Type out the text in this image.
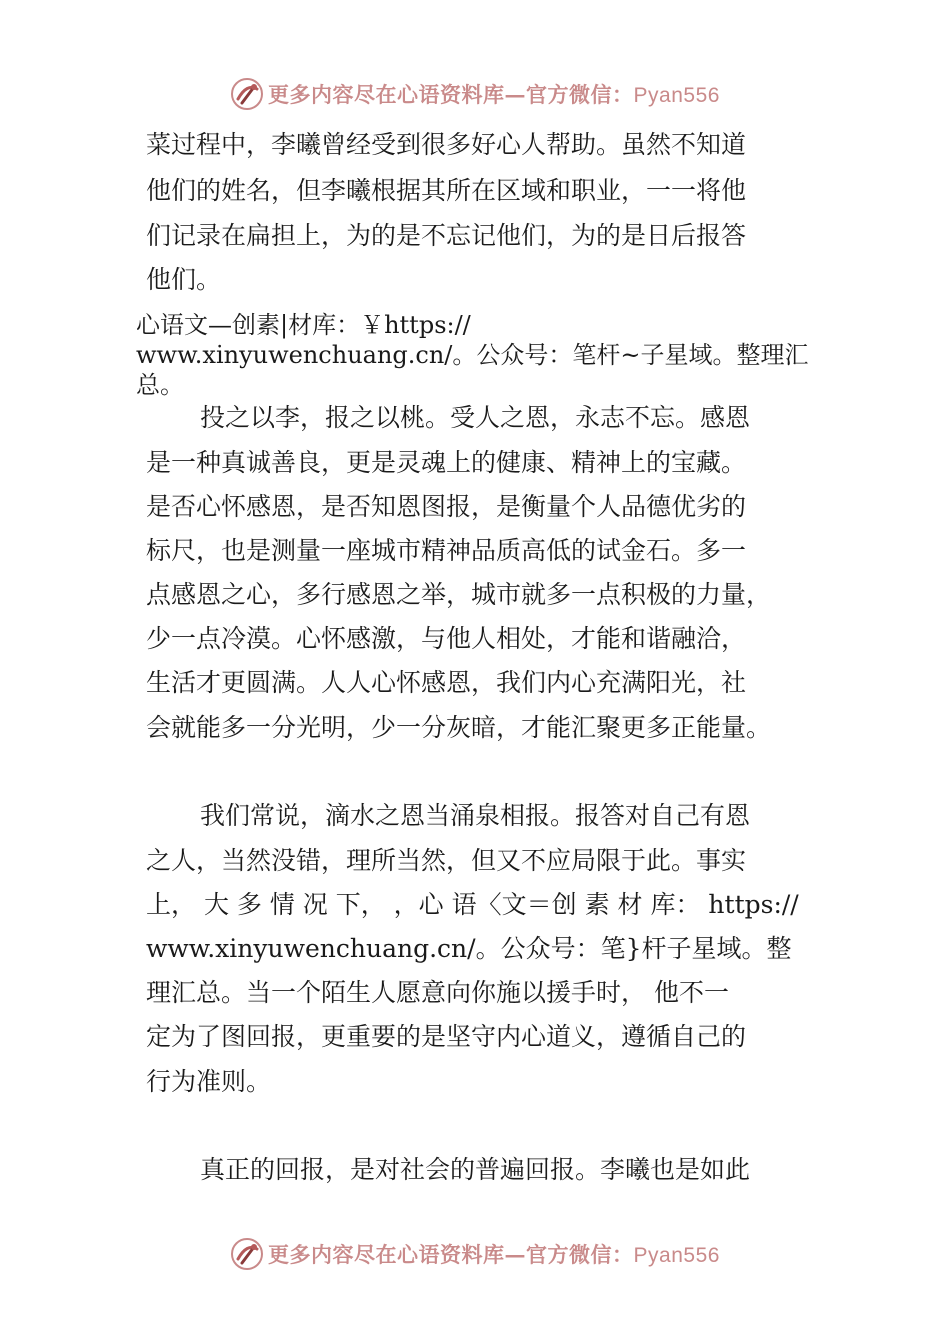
更多内容尽在心语资料库—官方微信：Pyan556
菜过程中，李曦曾经受到很多好心人帮助。虽然不知道
他们的姓名，但李曦根据其所在区域和职业，一一将他
们记录在扁担上，为的是不忘记他们，为的是日后报答
他们。
心语文—创素|材库：￥https://
www.xinyuwenchuang.cn/。公众号：笔杆~子星域。整理汇
总。
投之以李，报之以桃。受人之恩，永志不忘。感恩
是一种真诚善良，更是灵魂上的健康、精神上的宝藏。
是否心怀感恩，是否知恩图报，是衡量个人品德优劣的
标尺，也是测量一座城市精神品质高低的试金石。多一
点感恩之心，多行感恩之举，城市就多一点积极的力量，
少一点冷漠。心怀感激，与他人相处，才能和谐融洽，
生活才更圆满。人人心怀感恩，我们内心充满阳光，社
会就能多一分光明，少一分灰暗，才能汇聚更多正能量。
我们常说，滴水之恩当涌泉相报。报答对自己有恩
之人，当然没错，理所当然，但又不应局限于此。事实
上， 大 多 情 况 下， ，心 语〈文＝创 素 材 库： https://
www.xinyuwenchuang.cn/。公众号：笔}杆子星域。整
理汇总。当一个陌生人愿意向你施以援手时， 他不一
定为了图回报，更重要的是坚守内心道义，遵循自己的
行为准则。
真正的回报，是对社会的普遍回报。李曦也是如此
更多内容尽在心语资料库—官方微信：Pyan556
